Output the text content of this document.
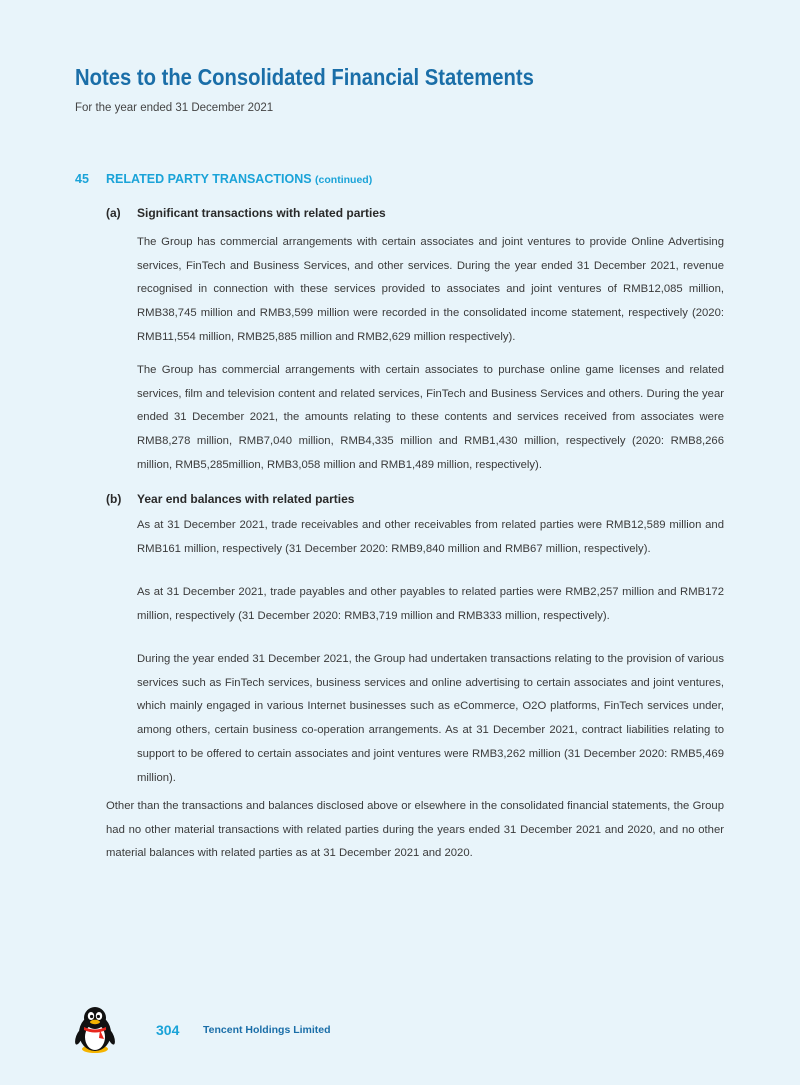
Notes to the Consolidated Financial Statements
For the year ended 31 December 2021
45 RELATED PARTY TRANSACTIONS (continued)
(a) Significant transactions with related parties

The Group has commercial arrangements with certain associates and joint ventures to provide Online Advertising services, FinTech and Business Services, and other services. During the year ended 31 December 2021, revenue recognised in connection with these services provided to associates and joint ventures of RMB12,085 million, RMB38,745 million and RMB3,599 million were recorded in the consolidated income statement, respectively (2020: RMB11,554 million, RMB25,885 million and RMB2,629 million respectively).

The Group has commercial arrangements with certain associates to purchase online game licenses and related services, film and television content and related services, FinTech and Business Services and others. During the year ended 31 December 2021, the amounts relating to these contents and services received from associates were RMB8,278 million, RMB7,040 million, RMB4,335 million and RMB1,430 million, respectively (2020: RMB8,266 million, RMB5,285million, RMB3,058 million and RMB1,489 million, respectively).

(b) Year end balances with related parties

As at 31 December 2021, trade receivables and other receivables from related parties were RMB12,589 million and RMB161 million, respectively (31 December 2020: RMB9,840 million and RMB67 million, respectively).

As at 31 December 2021, trade payables and other payables to related parties were RMB2,257 million and RMB172 million, respectively (31 December 2020: RMB3,719 million and RMB333 million, respectively).

During the year ended 31 December 2021, the Group had undertaken transactions relating to the provision of various services such as FinTech services, business services and online advertising to certain associates and joint ventures, which mainly engaged in various Internet businesses such as eCommerce, O2O platforms, FinTech services under, among others, certain business co-operation arrangements. As at 31 December 2021, contract liabilities relating to support to be offered to certain associates and joint ventures were RMB3,262 million (31 December 2020: RMB5,469 million).

Other than the transactions and balances disclosed above or elsewhere in the consolidated financial statements, the Group had no other material transactions with related parties during the years ended 31 December 2021 and 2020, and no other material balances with related parties as at 31 December 2021 and 2020.

304 Tencent Holdings Limited
